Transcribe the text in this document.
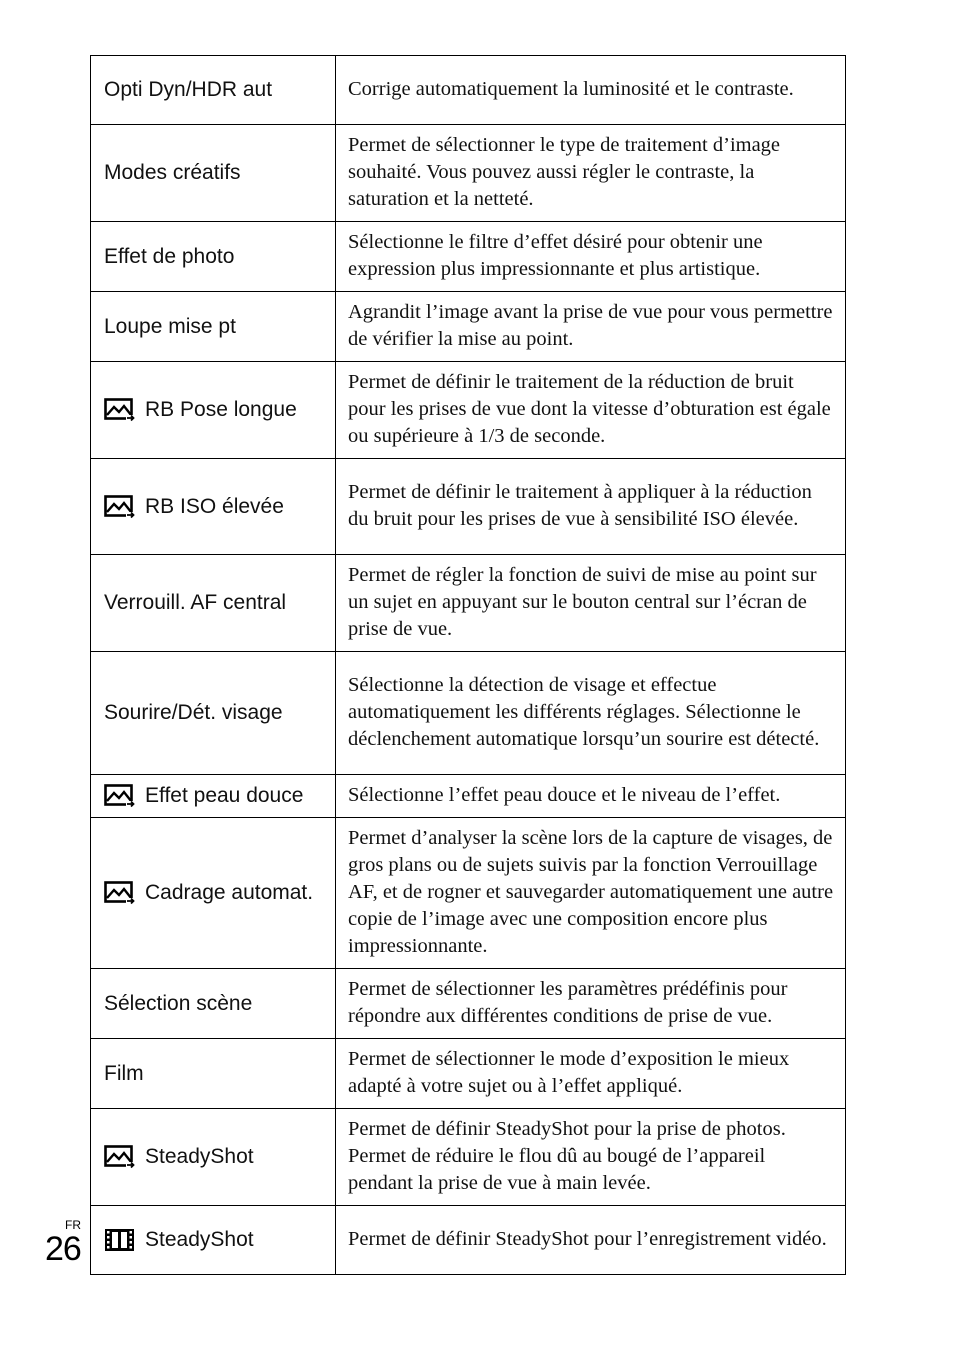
Opti Dyn/HDR aut	Corrige automatiquement la luminosité et le contraste.

Modes créatifs	Permet de sélectionner le type de traitement d’image souhaité. Vous pouvez aussi régler le contraste, la saturation et la netteté.

Effet de photo	Sélectionne le filtre d’effet désiré pour obtenir une expression plus impressionnante et plus artistique.

Loupe mise pt	Agrandit l’image avant la prise de vue pour vous permettre de vérifier la mise au point.

RB Pose longue	Permet de définir le traitement de la réduction de bruit pour les prises de vue dont la vitesse d’obturation est égale ou supérieure à 1/3 de seconde.

RB ISO élevée	Permet de définir le traitement à appliquer à la réduction du bruit pour les prises de vue à sensibilité ISO élevée.

Verrouill. AF central	Permet de régler la fonction de suivi de mise au point sur un sujet en appuyant sur le bouton central sur l’écran de prise de vue.

Sourire/Dét. visage	Sélectionne la détection de visage et effectue automatiquement les différents réglages. Sélectionne le déclenchement automatique lorsqu’un sourire est détecté.

Effet peau douce	Sélectionne l’effet peau douce et le niveau de l’effet.

Cadrage automat.	Permet d’analyser la scène lors de la capture de visages, de gros plans ou de sujets suivis par la fonction Verrouillage AF, et de rogner et sauvegarder automatiquement une autre copie de l’image avec une composition encore plus impressionnante.

Sélection scène	Permet de sélectionner les paramètres prédéfinis pour répondre aux différentes conditions de prise de vue.

Film	Permet de sélectionner le mode d’exposition le mieux adapté à votre sujet ou à l’effet appliqué.

SteadyShot	Permet de définir SteadyShot pour la prise de photos. Permet de réduire le flou dû au bougé de l’appareil pendant la prise de vue à main levée.

SteadyShot	Permet de définir SteadyShot pour l’enregistrement vidéo.
FR
26
